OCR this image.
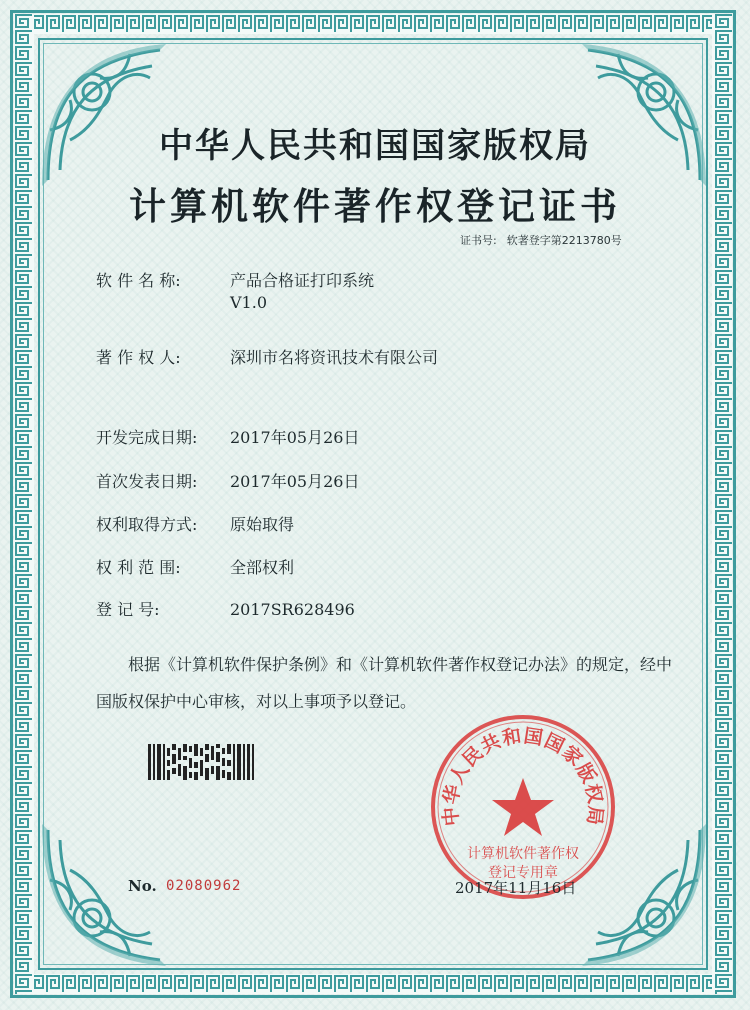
中华人民共和国国家版权局
计算机软件著作权登记证书
证书号: 软著登字第2213780号
软 件 名 称:	产品合格证打印系统
V1.0
著 作 权 人:	深圳市名将资讯技术有限公司
开发完成日期: 2017年05月26日
首次发表日期: 2017年05月26日
权利取得方式: 原始取得
权 利 范 围:	全部权利
登 记 号:	2017SR628496
根据《计算机软件保护条例》和《计算机软件著作权登记办法》的规定，经中国版权保护中心审核，对以上事项予以登记。
No. 02080962
中华人民共和国国家版权局
计算机软件著作权
登记专用章
2017年11月16日
